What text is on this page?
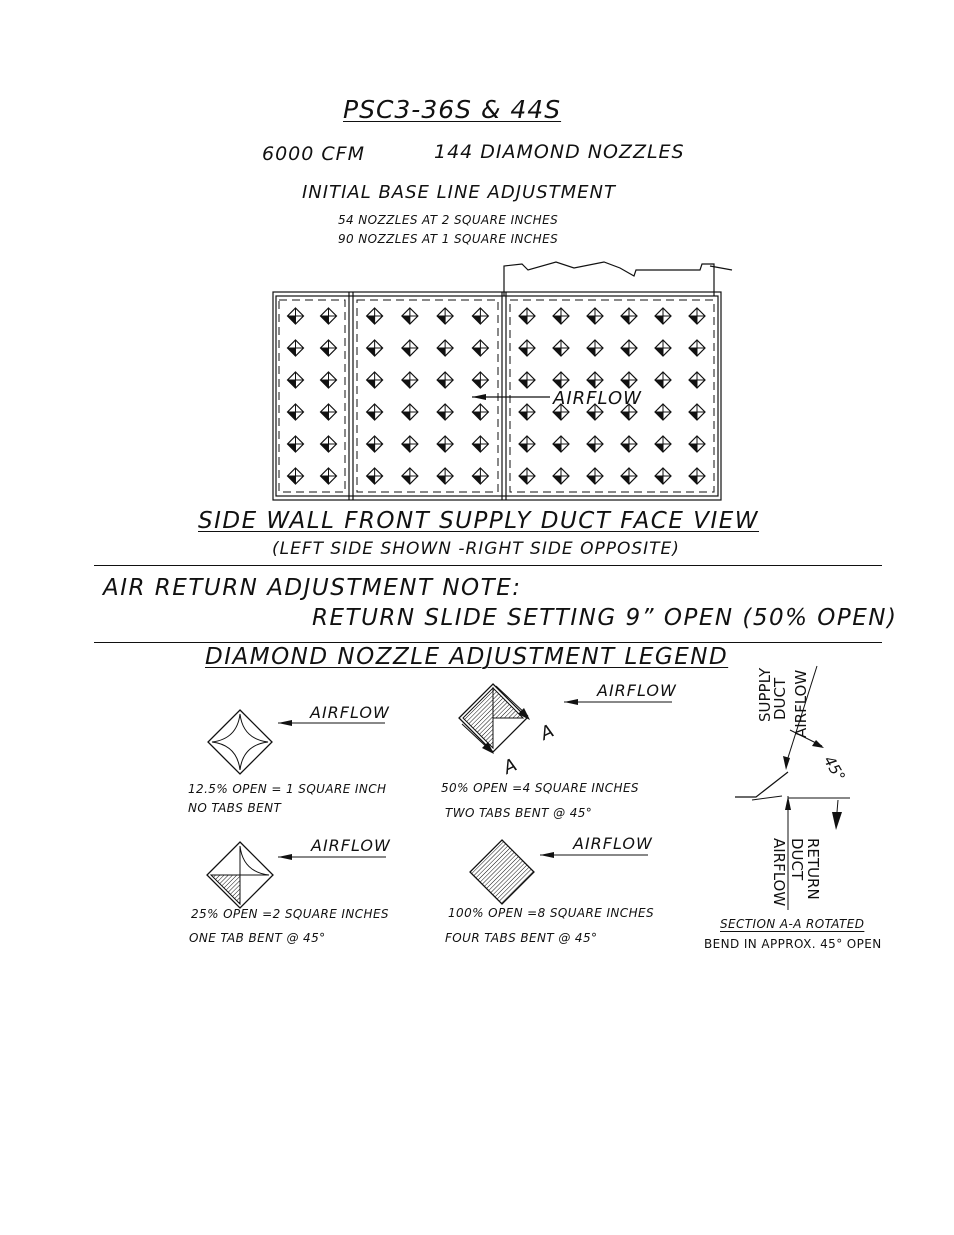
PSC3-36S & 44S
6000 CFM	144 DIAMOND NOZZLES
INITIAL BASE LINE ADJUSTMENT
54 NOZZLES AT 2 SQUARE INCHES
90 NOZZLES AT 1 SQUARE INCHES
AIRFLOW
SIDE WALL FRONT SUPPLY DUCT FACE VIEW
(LEFT SIDE SHOWN -RIGHT SIDE OPPOSITE)
AIR RETURN ADJUSTMENT NOTE:
RETURN SLIDE SETTING 9” OPEN (50% OPEN)
DIAMOND NOZZLE ADJUSTMENT LEGEND
AIRFLOW
A
A
AIRFLOW
AIRFLOW	AIRFLOW
SUPPLY
DUCT AIRFLOW
45°
RETURN
DUCT
AIRFLOW
12.5% OPEN = 1 SQUARE INCH
NO TABS BENT
50% OPEN =4 SQUARE INCHES
TWO TABS BENT @ 45°
25% OPEN =2 SQUARE INCHES
ONE TAB BENT @ 45°
100% OPEN =8 SQUARE INCHES
FOUR TABS BENT @ 45°
SECTION A-A ROTATED
BEND IN APPROX. 45° OPEN
